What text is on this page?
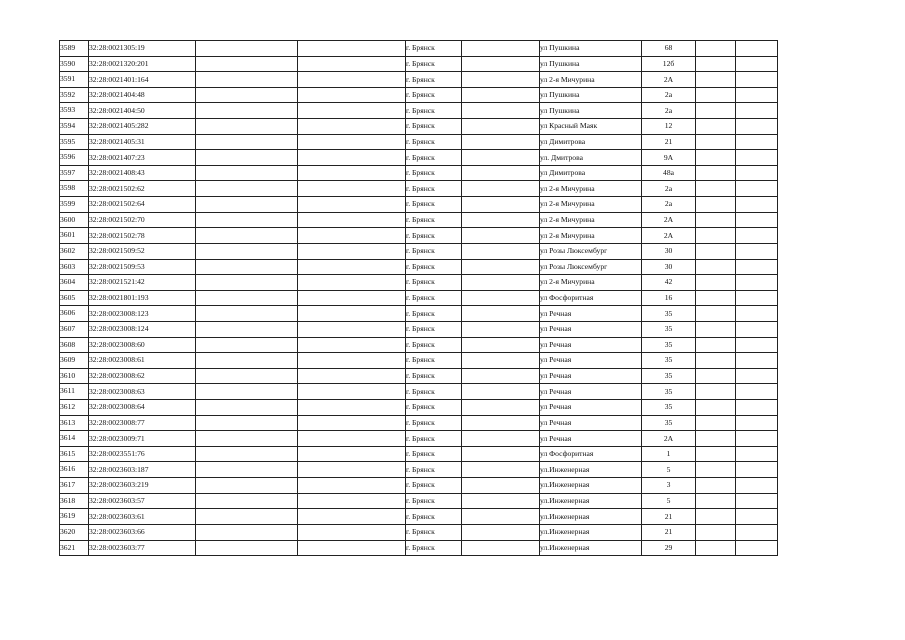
3589	32:28:0021305:19			г. Брянск		ул Пушкина	68		
3590	32:28:0021320:201			г. Брянск		ул Пушкина	12б		
3591	32:28:0021401:164			г. Брянск		ул 2-я Мичурина	2А		
3592	32:28:0021404:48			г. Брянск		ул Пушкина	2а		
3593	32:28:0021404:50			г. Брянск		ул Пушкина	2а		
3594	32:28:0021405:282			г. Брянск		ул Красный Маяк	12		
3595	32:28:0021405:31			г. Брянск		ул Димитрова	21		
3596	32:28:0021407:23			г. Брянск		ул. Дмитрова	9А		
3597	32:28:0021408:43			г. Брянск		ул Димитрова	48а		
3598	32:28:0021502:62			г. Брянск		ул 2-я Мичурина	2а		
3599	32:28:0021502:64			г. Брянск		ул 2-я Мичурина	2а		
3600	32:28:0021502:70			г. Брянск		ул 2-я Мичурина	2А		
3601	32:28:0021502:78			г. Брянск		ул 2-я Мичурина	2А		
3602	32:28:0021509:52			г. Брянск		ул Розы Люксембург	30		
3603	32:28:0021509:53			г. Брянск		ул Розы Люксембург	30		
3604	32:28:0021521:42			г. Брянск		ул 2-я Мичурина	42		
3605	32:28:0021801:193			г. Брянск		ул Фосфоритная	16		
3606	32:28:0023008:123			г. Брянск		ул Речная	35		
3607	32:28:0023008:124			г. Брянск		ул Речная	35		
3608	32:28:0023008:60			г. Брянск		ул Речная	35		
3609	32:28:0023008:61			г. Брянск		ул Речная	35		
3610	32:28:0023008:62			г. Брянск		ул Речная	35		
3611	32:28:0023008:63			г. Брянск		ул Речная	35		
3612	32:28:0023008:64			г. Брянск		ул Речная	35		
3613	32:28:0023008:77			г. Брянск		ул Речная	35		
3614	32:28:0023009:71			г. Брянск		ул Речная	2А		
3615	32:28:0023551:76			г. Брянск		ул Фосфоритная	1		
3616	32:28:0023603:187			г. Брянск		ул.Инженерная	5		
3617	32:28:0023603:219			г. Брянск		ул.Инженерная	3		
3618	32:28:0023603:57			г. Брянск		ул.Инженерная	5		
3619	32:28:0023603:61			г. Брянск		ул.Инженерная	21		
3620	32:28:0023603:66			г. Брянск		ул.Инженерная	21		
3621	32:28:0023603:77			г. Брянск		ул.Инженерная	29		
